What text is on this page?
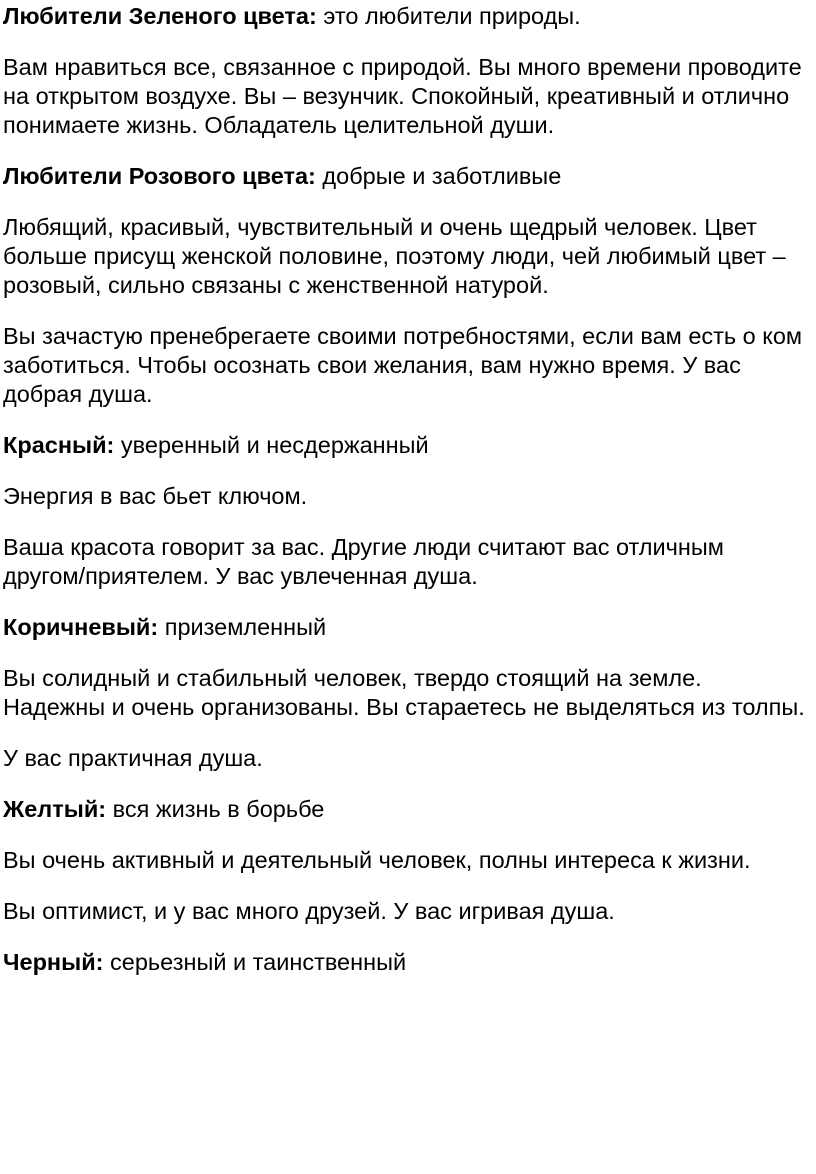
Любители Зеленого цвета: это любители природы.

Вам нравиться все, связанное с природой. Вы много времени проводите на открытом воздухе. Вы – везунчик. Спокойный, креативный и отлично понимаете жизнь. Обладатель целительной души.

Любители Розового цвета: добрые и заботливые

Любящий, красивый, чувствительный и очень щедрый человек. Цвет больше присущ женской половине, поэтому люди, чей любимый цвет – розовый, сильно связаны с женственной натурой.

Вы зачастую пренебрегаете своими потребностями, если вам есть о ком заботиться. Чтобы осознать свои желания, вам нужно время. У вас добрая душа.

Красный: уверенный и несдержанный

Энергия в вас бьет ключом.

Ваша красота говорит за вас. Другие люди считают вас отличным другом/приятелем. У вас увлеченная душа.

Коричневый: приземленный

Вы солидный и стабильный человек, твердо стоящий на земле. Надежны и очень организованы. Вы стараетесь не выделяться из толпы.

У вас практичная душа.

Желтый: вся жизнь в борьбе

Вы очень активный и деятельный человек, полны интереса к жизни.

Вы оптимист, и у вас много друзей. У вас игривая душа.

Черный: серьезный и таинственный
